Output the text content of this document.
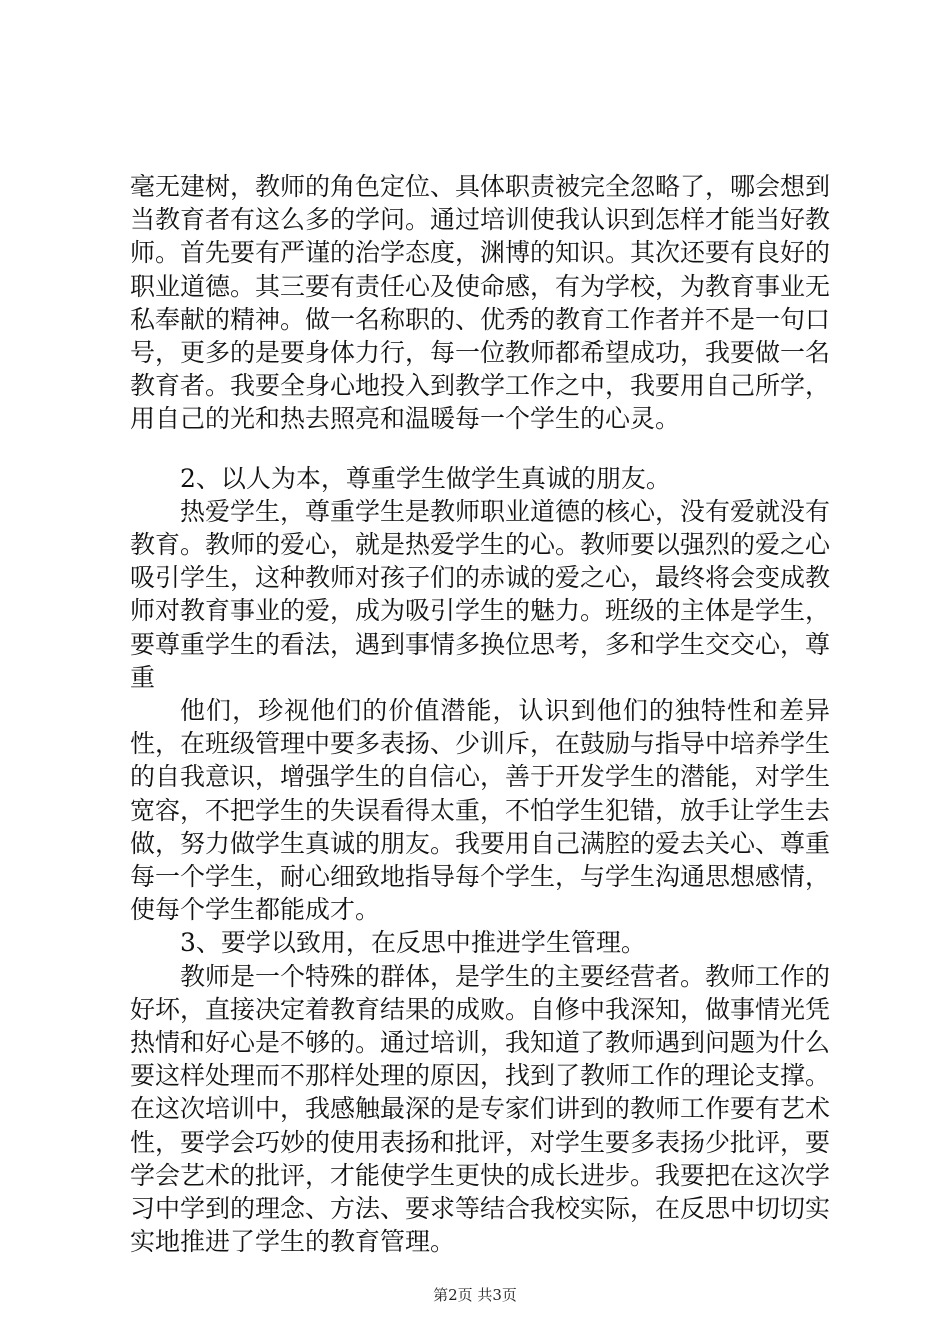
毫无建树，教师的角色定位、具体职责被完全忽略了，哪会想到当教育者有这么多的学问。通过培训使我认识到怎样才能当好教师。首先要有严谨的治学态度，渊博的知识。其次还要有良好的职业道德。其三要有责任心及使命感，有为学校，为教育事业无私奉献的精神。做一名称职的、优秀的教育工作者并不是一句口号，更多的是要身体力行，每一位教师都希望成功，我要做一名教育者。我要全身心地投入到教学工作之中，我要用自己所学，用自己的光和热去照亮和温暖每一个学生的心灵。

2、以人为本，尊重学生做学生真诚的朋友。

热爱学生，尊重学生是教师职业道德的核心，没有爱就没有教育。教师的爱心，就是热爱学生的心。教师要以强烈的爱之心吸引学生，这种教师对孩子们的赤诚的爱之心，最终将会变成教师对教育事业的爱，成为吸引学生的魅力。班级的主体是学生，要尊重学生的看法，遇到事情多换位思考，多和学生交交心，尊重

他们，珍视他们的价值潜能，认识到他们的独特性和差异性，在班级管理中要多表扬、少训斥，在鼓励与指导中培养学生的自我意识，增强学生的自信心，善于开发学生的潜能，对学生宽容，不把学生的失误看得太重，不怕学生犯错，放手让学生去做，努力做学生真诚的朋友。我要用自己满腔的爱去关心、尊重每一个学生，耐心细致地指导每个学生，与学生沟通思想感情，使每个学生都能成才。

3、要学以致用，在反思中推进学生管理。

教师是一个特殊的群体，是学生的主要经营者。教师工作的好坏，直接决定着教育结果的成败。自修中我深知，做事情光凭热情和好心是不够的。通过培训，我知道了教师遇到问题为什么要这样处理而不那样处理的原因，找到了教师工作的理论支撑。在这次培训中，我感触最深的是专家们讲到的教师工作要有艺术性，要学会巧妙的使用表扬和批评，对学生要多表扬少批评，要学会艺术的批评，才能使学生更快的成长进步。我要把在这次学习中学到的理念、方法、要求等结合我校实际，在反思中切切实实地推进了学生的教育管理。

第2页 共3页
